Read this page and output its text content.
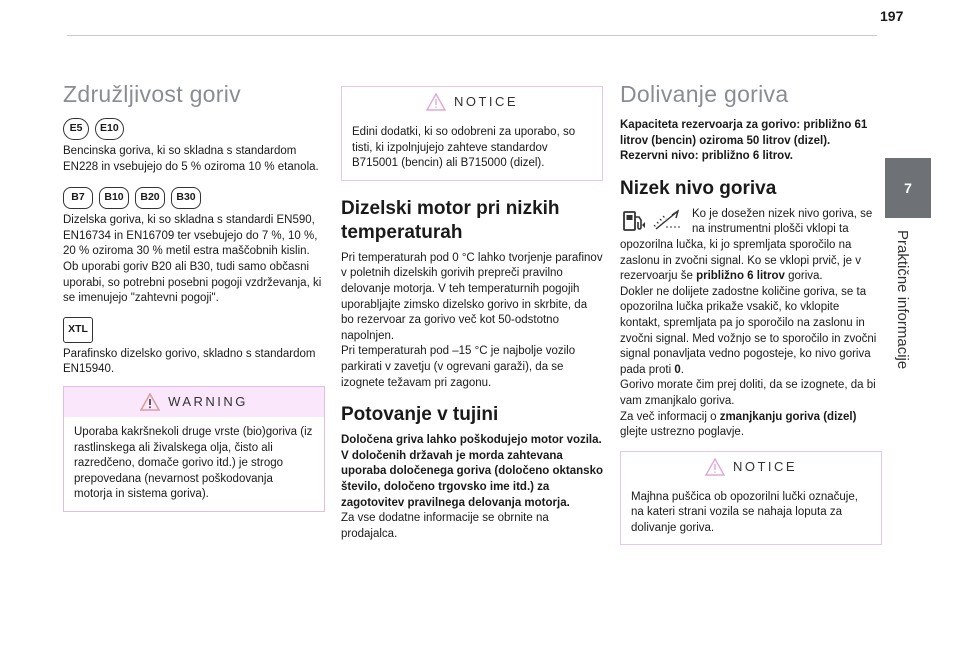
197
7
Praktične informacije
Združljivost goriv
E5	E10

Bencinska goriva, ki so skladna s standardom EN228 in vsebujejo do 5 % oziroma 10 % etanola.

B7	B10	B20	B30

Dizelska goriva, ki so skladna s standardi EN590, EN16734 in EN16709 ter vsebujejo do 7 %, 10 %, 20 % oziroma 30 % metil estra maščobnih kislin. Ob uporabi goriv B20 ali B30, tudi samo občasni uporabi, so potrebni posebni pogoji vzdrževanja, ki se imenujejo "zahtevni pogoji".

XTL

Parafinsko dizelsko gorivo, skladno s standardom EN15940.

WARNING
Uporaba kakršnekoli druge vrste (bio)goriva (iz rastlinskega ali živalskega olja, čisto ali razredčeno, domače gorivo itd.) je strogo prepovedana (nevarnost poškodovanja motorja in sistema goriva).
NOTICE
Edini dodatki, ki so odobreni za uporabo, so tisti, ki izpolnjujejo zahteve standardov B715001 (bencin) ali B715000 (dizel).
Dizelski motor pri nizkih temperaturah

Pri temperaturah pod 0 °C lahko tvorjenje parafinov v poletnih dizelskih gorivih prepreči pravilno delovanje motorja. V teh temperaturnih pogojih uporabljajte zimsko dizelsko gorivo in skrbite, da bo rezervoar za gorivo več kot 50-odstotno napolnjen.

Pri temperaturah pod –15 °C je najbolje vozilo parkirati v zavetju (v ogrevani garaži), da se izognete težavam pri zagonu.

Potovanje v tujini

Določena griva lahko poškodujejo motor vozila.
V določenih državah je morda zahtevana uporaba določenega goriva (določeno oktansko število, določeno trgovsko ime itd.) za zagotovitev pravilnega delovanja motorja.

Za vse dodatne informacije se obrnite na prodajalca.

Dolivanje goriva

Kapaciteta rezervoarja za gorivo: približno 61 litrov (bencin) oziroma 50 litrov (dizel).
Rezervni nivo: približno 6 litrov.

Nizek nivo goriva

Ko je dosežen nizek nivo goriva, se na instrumentni plošči vklopi ta opozorilna lučka, ki jo spremljata sporočilo na zaslonu in zvočni signal. Ko se vklopi prvič, je v rezervoarju še približno 6 litrov goriva.

Dokler ne dolijete zadostne količine goriva, se ta opozorilna lučka prikaže vsakič, ko vklopite kontakt, spremljata pa jo sporočilo na zaslonu in zvočni signal. Med vožnjo se to sporočilo in zvočni signal ponavljata vedno pogosteje, ko nivo goriva pada proti 0.

Gorivo morate čim prej doliti, da se izognete, da bi vam zmanjkalo goriva.

Za več informacij o zmanjkanju goriva (dizel) glejte ustrezno poglavje.

NOTICE
Majhna puščica ob opozorilni lučki označuje, na kateri strani vozila se nahaja loputa za dolivanje goriva.
